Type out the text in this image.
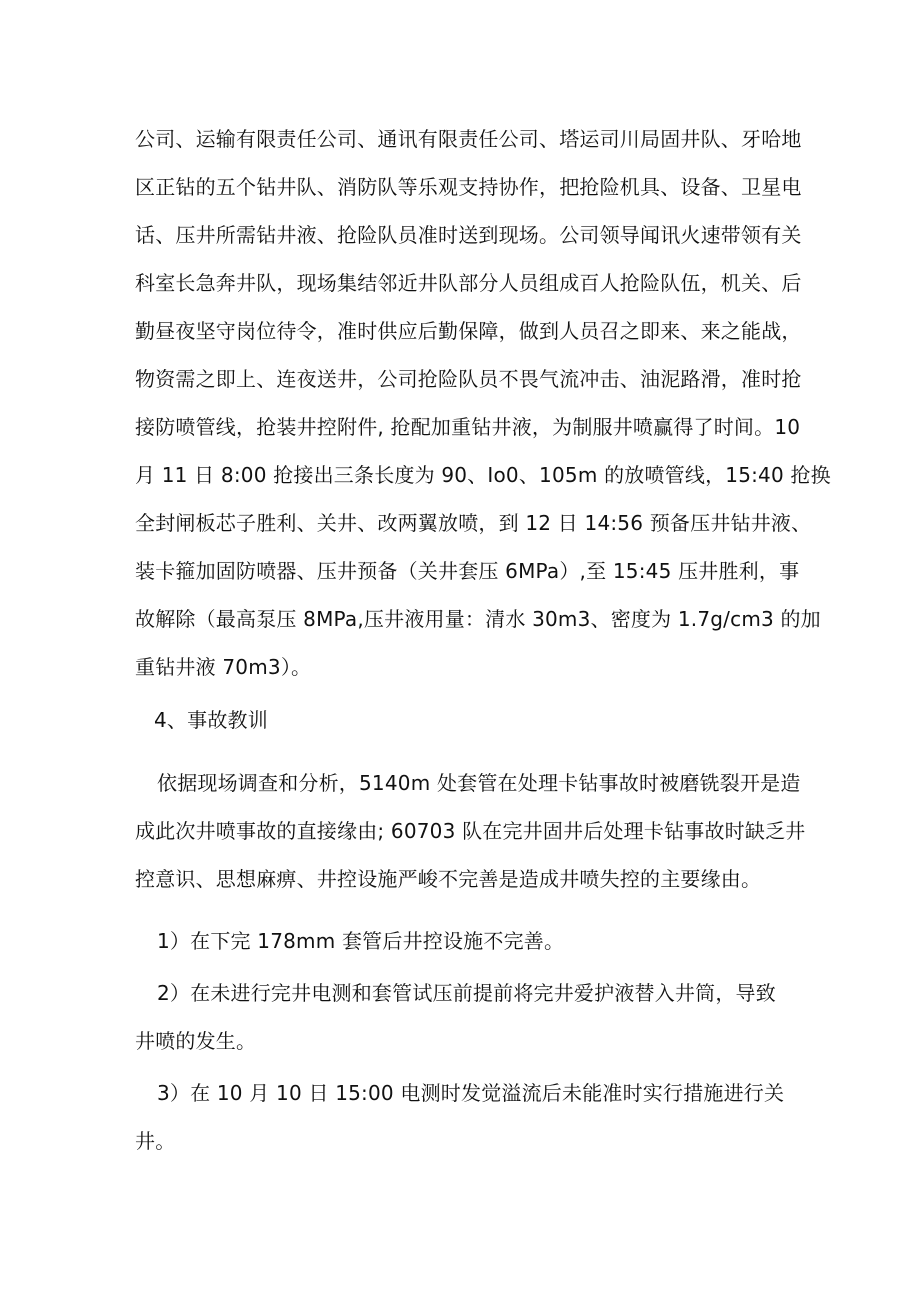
公司、运输有限责任公司、通讯有限责任公司、塔运司川局固井队、牙哈地
区正钻的五个钻井队、消防队等乐观支持协作，把抢险机具、设备、卫星电
话、压井所需钻井液、抢险队员准时送到现场。公司领导闻讯火速带领有关
科室长急奔井队，现场集结邻近井队部分人员组成百人抢险队伍，机关、后
勤昼夜坚守岗位待令，准时供应后勤保障，做到人员召之即来、来之能战，
物资需之即上、连夜送井，公司抢险队员不畏气流冲击、油泥路滑，准时抢
接防喷管线，抢装井控附件, 抢配加重钻井液，为制服井喷赢得了时间。10
月 11 日 8:00 抢接出三条长度为 90、Io0、105m 的放喷管线，15:40 抢换
全封闸板芯子胜利、关井、改两翼放喷，到 12 日 14:56 预备压井钻井液、
装卡箍加固防喷器、压井预备（关井套压 6MPa）,至 15:45 压井胜利，事
故解除（最高泵压 8MPa,压井液用量：清水 30m3、密度为 1.7g/cm3 的加
重钻井液 70m3）。
4、事故教训
依据现场调查和分析，5140m 处套管在处理卡钻事故时被磨铣裂开是造
成此次井喷事故的直接缘由; 60703 队在完井固井后处理卡钻事故时缺乏井
控意识、思想麻痹、井控设施严峻不完善是造成井喷失控的主要缘由。
1）在下完 178mm 套管后井控设施不完善。
2）在未进行完井电测和套管试压前提前将完井爱护液替入井筒，导致
井喷的发生。
3）在 10 月 10 日 15:00 电测时发觉溢流后未能准时实行措施进行关
井。
